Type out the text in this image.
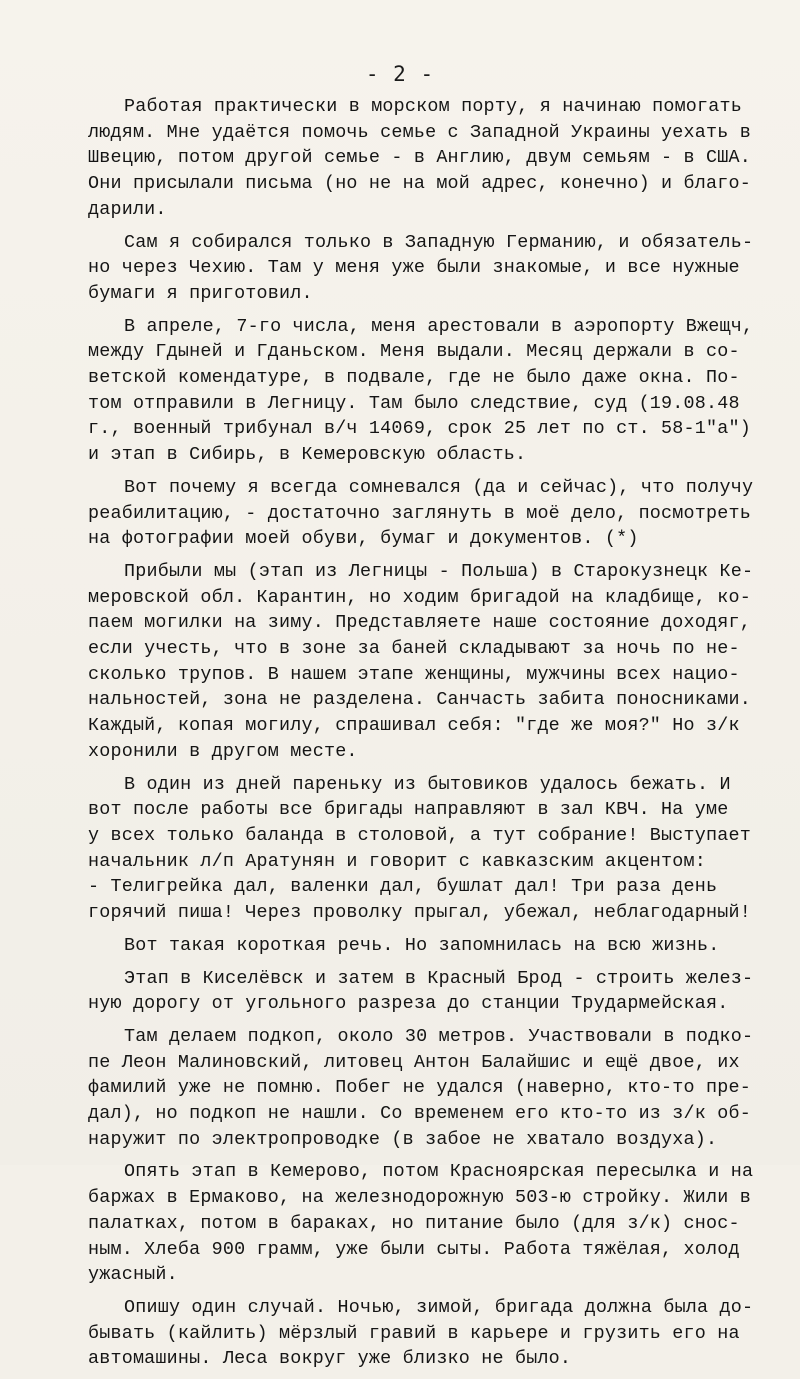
- 2 -
Работая практически в морском порту, я начинаю помогать
людям. Мне удаётся помочь семье с Западной Украины уехать в
Швецию, потом другой семье - в Англию, двум семьям - в США.
Они присылали письма (но не на мой адрес, конечно) и благо-
дарили.
Сам я собирался только в Западную Германию, и обязатель-
но через Чехию. Там у меня уже были знакомые, и все нужные
бумаги я приготовил.
В апреле, 7-го числа, меня арестовали в аэропорту Вжещч,
между Гдыней и Гданьском. Меня выдали. Месяц держали в со-
ветской комендатуре, в подвале, где не было даже окна. По-
том отправили в Легницу. Там было следствие, суд (19.08.48
г., военный трибунал в/ч 14069, срок 25 лет по ст. 58-1"а")
и этап в Сибирь, в Кемеровскую область.
Вот почему я всегда сомневался (да и сейчас), что получу
реабилитацию, - достаточно заглянуть в моё дело, посмотреть
на фотографии моей обуви, бумаг и документов. (*)
Прибыли мы (этап из Легницы - Польша) в Старокузнецк Ке-
меровской обл. Карантин, но ходим бригадой на кладбище, ко-
паем могилки на зиму. Представляете наше состояние доходяг,
если учесть, что в зоне за баней складывают за ночь по не-
сколько трупов. В нашем этапе женщины, мужчины всех нацио-
нальностей, зона не разделена. Санчасть забита поносниками.
Каждый, копая могилу, спрашивал себя: "где же моя?" Но з/к
хоронили в другом месте.
В один из дней пареньку из бытовиков удалось бежать. И
вот после работы все бригады направляют в зал КВЧ. На уме
у всех только баланда в столовой, а тут собрание! Выступает
начальник л/п Аратунян и говорит с кавказским акцентом:
- Телигрейка дал, валенки дал, бушлат дал! Три раза день
горячий пиша! Через проволку прыгал, убежал, неблагодарный!
Вот такая короткая речь. Но запомнилась на всю жизнь.
Этап в Киселёвск и затем в Красный Брод - строить желез-
ную дорогу от угольного разреза до станции Трудармейская.
Там делаем подкоп, около 30 метров. Участвовали в подко-
пе Леон Малиновский, литовец Антон Балайшис и ещё двое, их
фамилий уже не помню. Побег не удался (наверно, кто-то пре-
дал), но подкоп не нашли. Со временем его кто-то из з/к об-
наружит по электропроводке (в забое не хватало воздуха).
Опять этап в Кемерово, потом Красноярская пересылка и на
баржах в Ермаково, на железнодорожную 503-ю стройку. Жили в
палатках, потом в бараках, но питание было (для з/к) снос-
ным. Хлеба 900 грамм, уже были сыты. Работа тяжёлая, холод
ужасный.
Опишу один случай. Ночью, зимой, бригада должна была до-
бывать (кайлить) мёрзлый гравий в карьере и грузить его на
автомашины. Леса вокруг уже близко не было.
